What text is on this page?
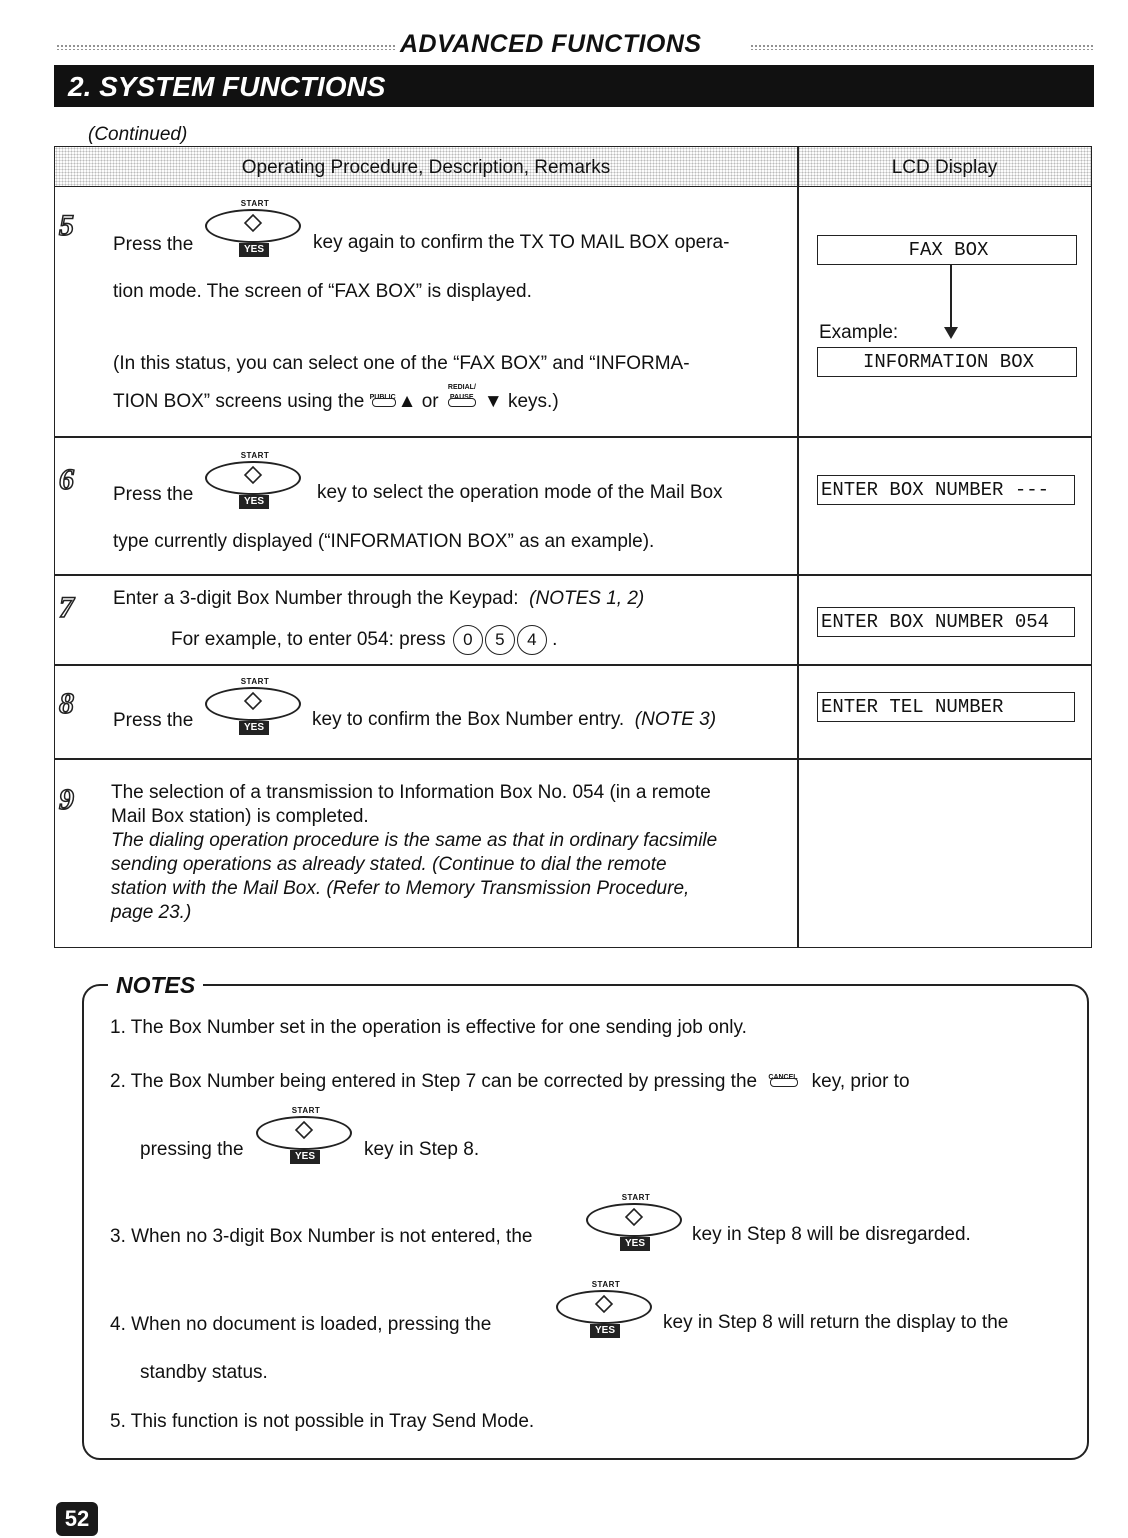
ADVANCED FUNCTIONS
2. SYSTEM FUNCTIONS
(Continued)
Operating Procedure, Description, Remarks	LCD Display
5
Press the
START
YES	key again to confirm the TX TO MAIL BOX opera-
tion mode. The screen of “FAX BOX” is displayed.
(In this status, you can select one of the “FAX BOX” and “INFORMA-
TION BOX” screens using the PUBLIC ▲ or
REDIAL/
PAUSE ▼ keys.)
FAX BOX
Example:
INFORMATION BOX
6 Press the
START
YES	key to select the operation mode of the Mail Box
type currently displayed (“INFORMATION BOX” as an example).
ENTER BOX NUMBER ---
7 Enter a 3-digit Box Number through the Keypad: (NOTES 1, 2)
For example, to enter 054: press 0 5 4 .
ENTER BOX NUMBER 054
8
Press the
START
YES	key to confirm the Box Number entry. (NOTE 3)
ENTER TEL NUMBER
9 The selection of a transmission to Information Box No. 054 (in a remote
Mail Box station) is completed.
The dialing operation procedure is the same as that in ordinary facsimile
sending operations as already stated. (Continue to dial the remote
station with the Mail Box. (Refer to Memory Transmission Procedure,
page 23.)
NOTES
1. The Box Number set in the operation is effective for one sending job only.
2. The Box Number being entered in Step 7 can be corrected by pressing the CANCEL key, prior to
pressing the
START
YES	key in Step 8.
3. When no 3-digit Box Number is not entered, the
START
YES key in Step 8 will be disregarded.
4. When no document is loaded, pressing the
START
YES	key in Step 8 will return the display to the
standby status.
5. This function is not possible in Tray Send Mode.
52
